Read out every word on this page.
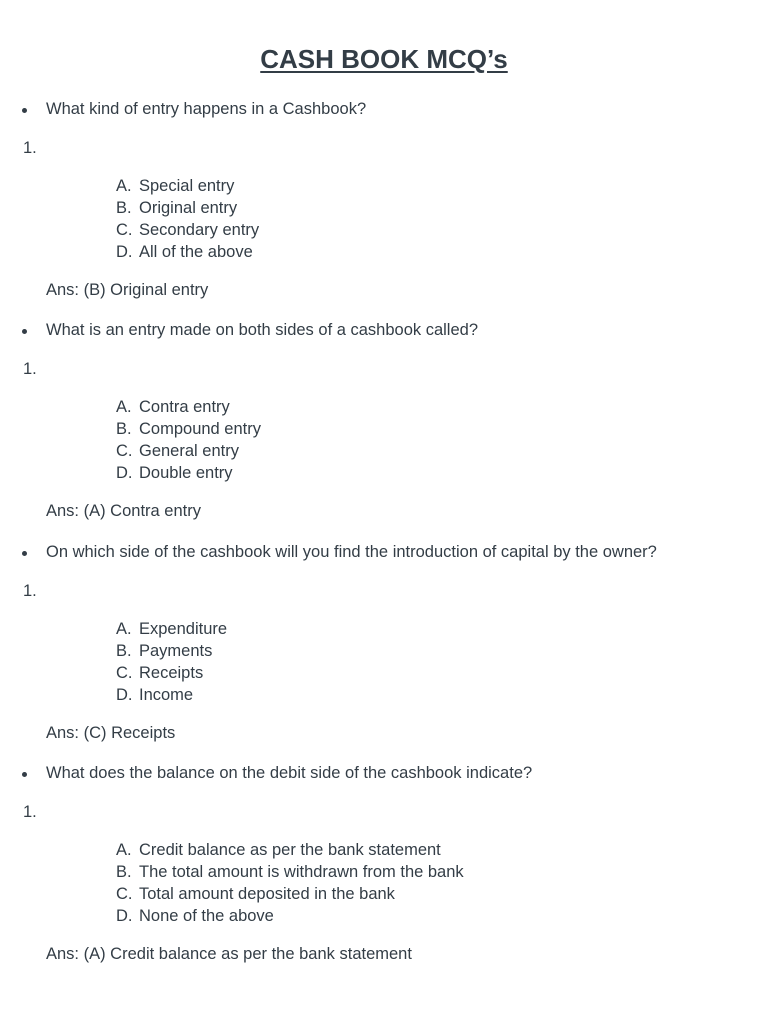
CASH BOOK MCQ’s
What kind of entry happens in a Cashbook?
1.
A. Special entry
B. Original entry
C. Secondary entry
D. All of the above
Ans: (B) Original entry
What is an entry made on both sides of a cashbook called?
1.
A. Contra entry
B. Compound entry
C. General entry
D. Double entry
Ans: (A) Contra entry
On which side of the cashbook will you find the introduction of capital by the owner?
1.
A. Expenditure
B. Payments
C. Receipts
D. Income
Ans: (C) Receipts
What does the balance on the debit side of the cashbook indicate?
1.
A. Credit balance as per the bank statement
B. The total amount is withdrawn from the bank
C. Total amount deposited in the bank
D. None of the above
Ans: (A) Credit balance as per the bank statement
